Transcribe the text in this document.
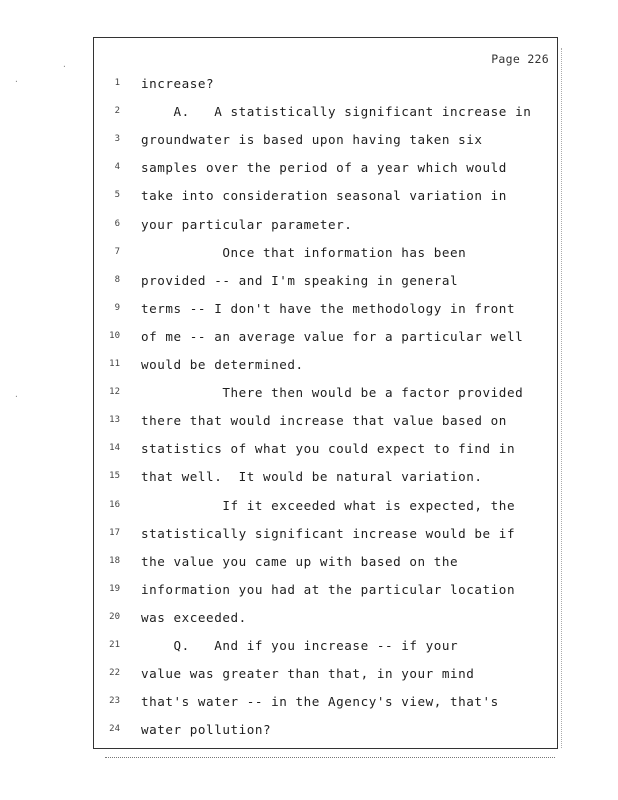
·
·
·
Page 226
1 increase?
2 A.   A statistically significant increase in
3 groundwater is based upon having taken six
4 samples over the period of a year which would
5 take into consideration seasonal variation in
6 your particular parameter.
7 Once that information has been
8 provided -- and I'm speaking in general
9 terms -- I don't have the methodology in front
10 of me -- an average value for a particular well
11 would be determined.
12 There then would be a factor provided
13 there that would increase that value based on
14 statistics of what you could expect to find in
15 that well.  It would be natural variation.
16 If it exceeded what is expected, the
17 statistically significant increase would be if
18 the value you came up with based on the
19 information you had at the particular location
20 was exceeded.
21 Q.   And if you increase -- if your
22 value was greater than that, in your mind
23 that's water -- in the Agency's view, that's
24 water pollution?
